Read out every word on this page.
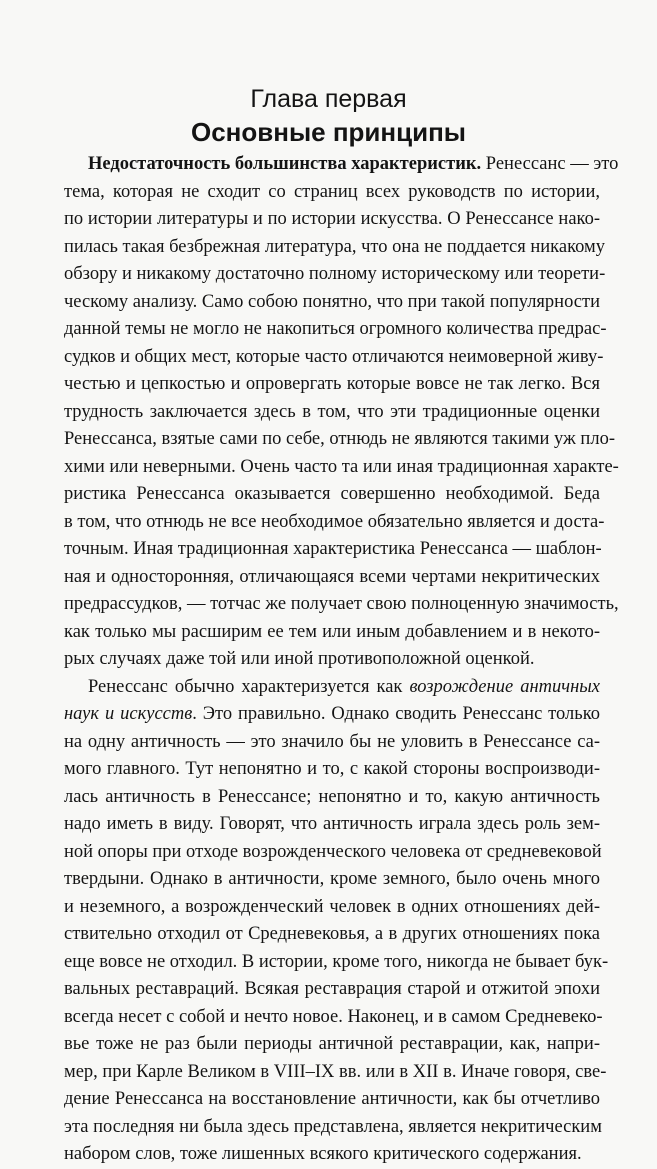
Глава первая
Основные принципы
Недостаточность большинства характеристик. Ренессанс — это
тема, которая не сходит со страниц всех руководств по истории,
по истории литературы и по истории искусства. О Ренессансе нако-
пилась такая безбрежная литература, что она не поддается никакому
обзору и никакому достаточно полному историческому или теорети-
ческому анализу. Само собою понятно, что при такой популярности
данной темы не могло не накопиться огромного количества предрас-
судков и общих мест, которые часто отличаются неимоверной живу-
честью и цепкостью и опровергать которые вовсе не так легко. Вся
трудность заключается здесь в том, что эти традиционные оценки
Ренессанса, взятые сами по себе, отнюдь не являются такими уж пло-
хими или неверными. Очень часто та или иная традиционная характе-
ристика Ренессанса оказывается совершенно необходимой. Беда
в том, что отнюдь не все необходимое обязательно является и доста-
точным. Иная традиционная характеристика Ренессанса — шаблон-
ная и односторонняя, отличающаяся всеми чертами некритических
предрассудков, — тотчас же получает свою полноценную значимость,
как только мы расширим ее тем или иным добавлением и в некото-
рых случаях даже той или иной противоположной оценкой.
Ренессанс обычно характеризуется как возрождение античных
наук и искусств. Это правильно. Однако сводить Ренессанс только
на одну античность — это значило бы не уловить в Ренессансе са-
мого главного. Тут непонятно и то, с какой стороны воспроизводи-
лась античность в Ренессансе; непонятно и то, какую античность
надо иметь в виду. Говорят, что античность играла здесь роль зем-
ной опоры при отходе возрожденческого человека от средневековой
твердыни. Однако в античности, кроме земного, было очень много
и неземного, а возрожденческий человек в одних отношениях дей-
ствительно отходил от Средневековья, а в других отношениях пока
еще вовсе не отходил. В истории, кроме того, никогда не бывает бук-
вальных реставраций. Всякая реставрация старой и отжитой эпохи
всегда несет с собой и нечто новое. Наконец, и в самом Средневеко-
вье тоже не раз были периоды античной реставрации, как, напри-
мер, при Карле Великом в VIII–IX вв. или в XII в. Иначе говоря, све-
дение Ренессанса на восстановление античности, как бы отчетливо
эта последняя ни была здесь представлена, является некритическим
набором слов, тоже лишенных всякого критического содержания.
